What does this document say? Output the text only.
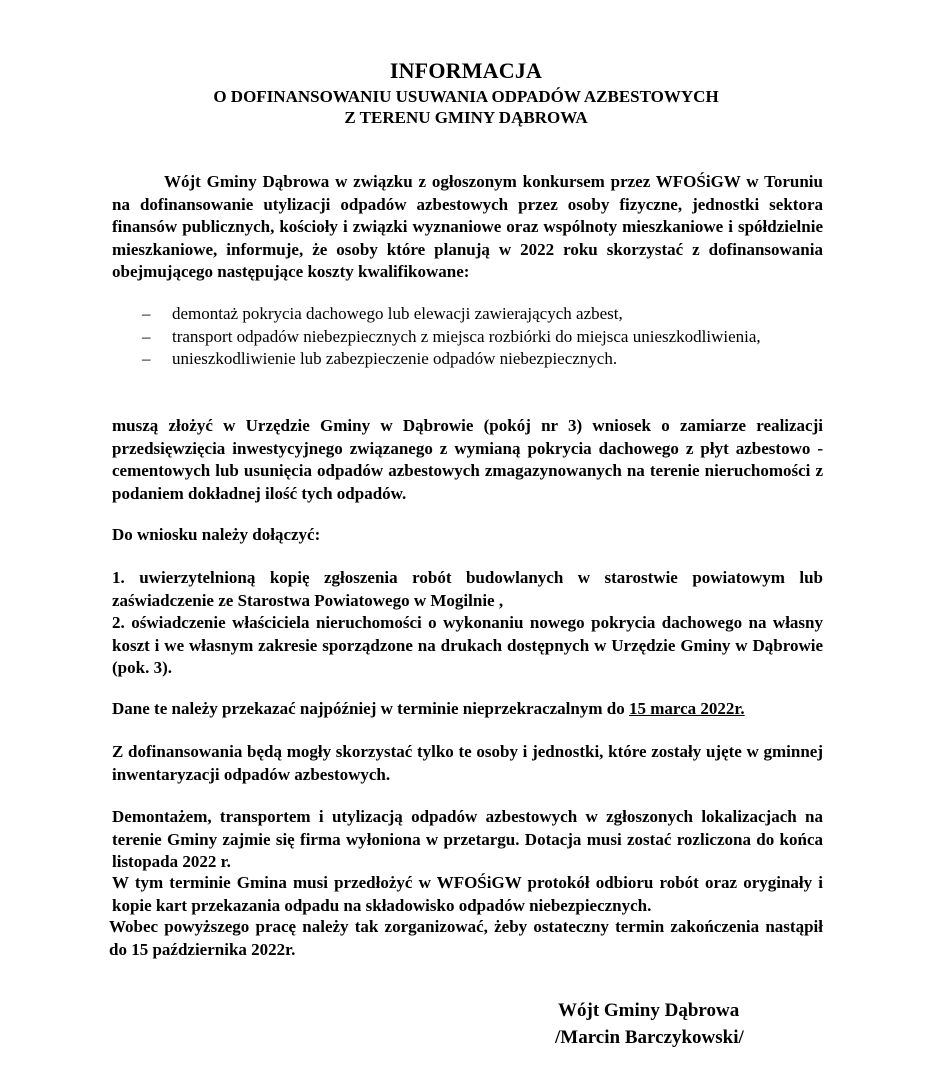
INFORMACJA
O DOFINANSOWANIU USUWANIA ODPADÓW AZBESTOWYCH
Z TERENU GMINY DĄBROWA

Wójt Gminy Dąbrowa w związku z ogłoszonym konkursem przez WFOŚiGW w Toruniu na dofinansowanie utylizacji odpadów azbestowych przez osoby fizyczne, jednostki sektora finansów publicznych, kościoły i związki wyznaniowe oraz wspólnoty mieszkaniowe i spółdzielnie mieszkaniowe, informuje, że osoby które planują w 2022 roku skorzystać z dofinansowania obejmującego następujące koszty kwalifikowane:

– demontaż pokrycia dachowego lub elewacji zawierających azbest,
– transport odpadów niebezpiecznych z miejsca rozbiórki do miejsca unieszkodliwienia,
– unieszkodliwienie lub zabezpieczenie odpadów niebezpiecznych.

muszą złożyć w Urzędzie Gminy w Dąbrowie (pokój nr 3) wniosek o zamiarze realizacji przedsięwzięcia inwestycyjnego związanego z wymianą pokrycia dachowego z płyt azbestowo - cementowych lub usunięcia odpadów azbestowych zmagazynowanych na terenie nieruchomości z podaniem dokładnej ilość tych odpadów.

Do wniosku należy dołączyć:

1. uwierzytelnioną kopię zgłoszenia robót budowlanych w starostwie powiatowym lub zaświadczenie ze Starostwa Powiatowego w Mogilnie ,
2. oświadczenie właściciela nieruchomości o wykonaniu nowego pokrycia dachowego na własny koszt i we własnym zakresie sporządzone na drukach dostępnych w Urzędzie Gminy w Dąbrowie (pok. 3).

Dane te należy przekazać najpóźniej w terminie nieprzekraczalnym do 15 marca 2022r.

Z dofinansowania będą mogły skorzystać tylko te osoby i jednostki, które zostały ujęte w gminnej inwentaryzacji odpadów azbestowych.

Demontażem, transportem i utylizacją odpadów azbestowych w zgłoszonych lokalizacjach na terenie Gminy zajmie się firma wyłoniona w przetargu. Dotacja musi zostać rozliczona do końca listopada 2022 r.

W tym terminie Gmina musi przedłożyć w WFOŚiGW protokół odbioru robót oraz oryginały i kopie kart przekazania odpadu na składowisko odpadów niebezpiecznych.

Wobec powyższego pracę należy tak zorganizować, żeby ostateczny termin zakończenia nastąpił do 15 października 2022r.

Wójt Gminy Dąbrowa
/Marcin Barczykowski/
